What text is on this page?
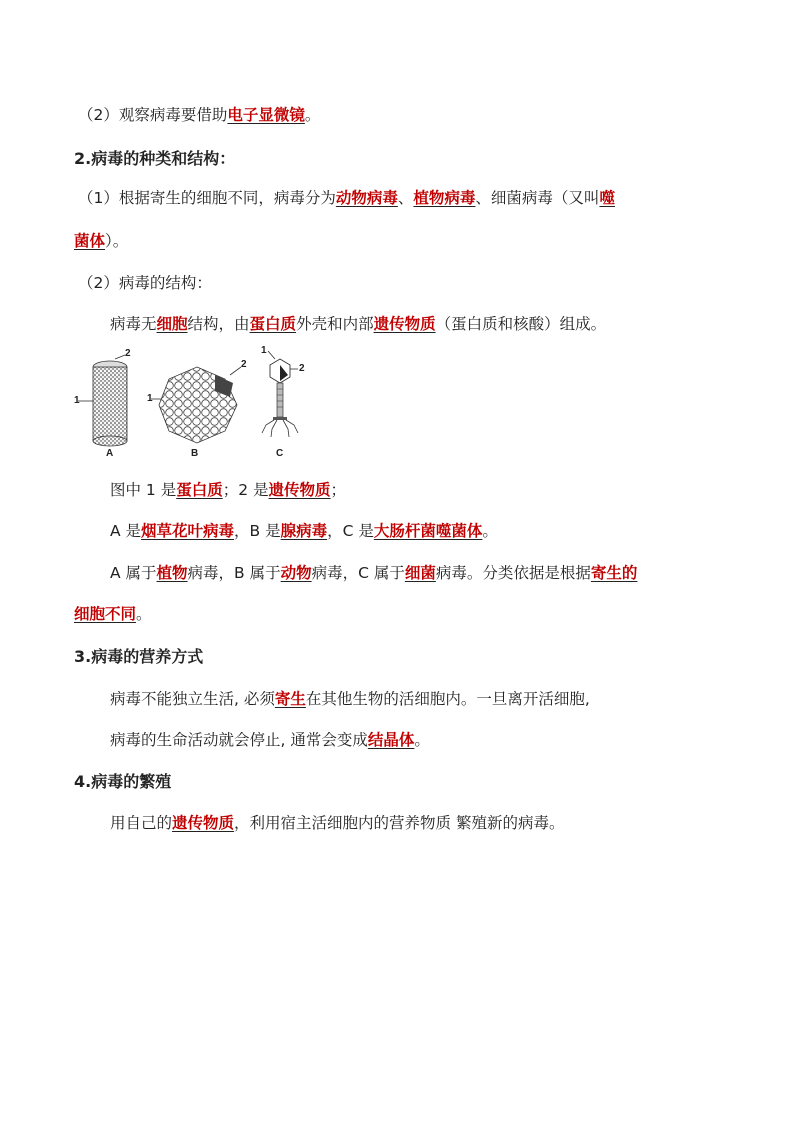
（2）观察病毒要借助电子显微镜。
2.病毒的种类和结构：
（1）根据寄生的细胞不同，病毒分为动物病毒、植物病毒、细菌病毒（又叫噬
菌体）。
（2）病毒的结构：
病毒无细胞结构，由蛋白质外壳和内部遗传物质（蛋白质和核酸）组成。
1
2
1
2
1
2
A	B	C
图中 1 是蛋白质；2 是遗传物质；
A 是烟草花叶病毒，B 是腺病毒，C 是大肠杆菌噬菌体。
A 属于植物病毒，B 属于动物病毒，C 属于细菌病毒。分类依据是根据寄生的
细胞不同。
3.病毒的营养方式
病毒不能独立生活, 必须寄生在其他生物的活细胞内。一旦离开活细胞,
病毒的生命活动就会停止, 通常会变成结晶体。
4.病毒的繁殖
用自己的遗传物质，利用宿主活细胞内的营养物质 繁殖新的病毒。
